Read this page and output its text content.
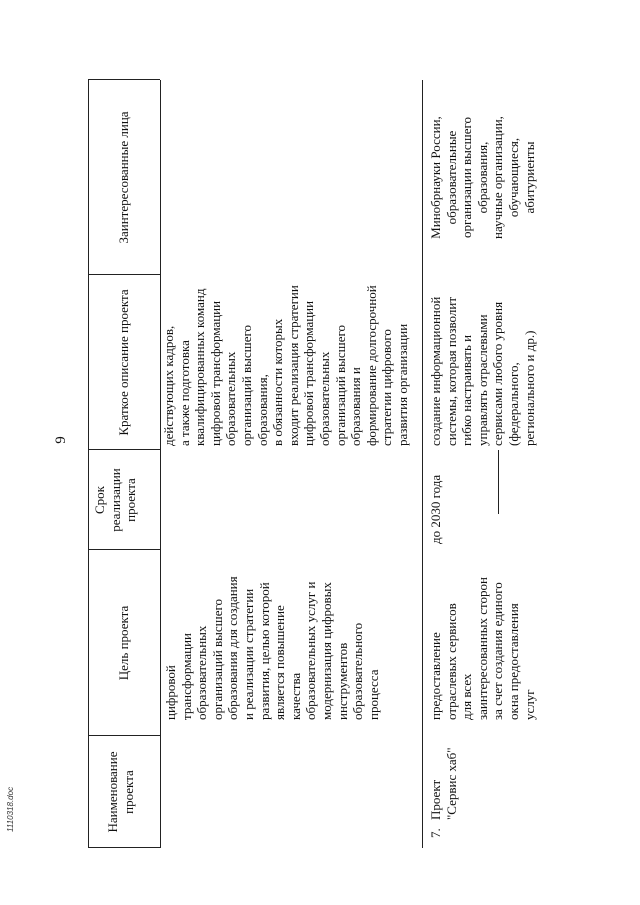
9
Наименование
проекта
Цель проекта
Срок
реализации
проекта
Краткое описание проекта
Заинтересованные лица
цифровой
трансформации
образовательных
организаций высшего
образования для создания
и реализации стратегии
развития, целью которой
является повышение
качества
образовательных услуг и
модернизация цифровых
инструментов
образовательного
процесса
действующих кадров,
а также подготовка
квалифицированных команд
цифровой трансформации
образовательных
организаций высшего
образования,
в обязанности которых
входит реализация стратегии
цифровой трансформации
образовательных
организаций высшего
образования и
формирование долгосрочной
стратегии цифрового
развития организации
7.
Проект
"Сервис хаб"
предоставление
отраслевых сервисов
для всех
заинтересованных сторон
за счет создания единого
окна предоставления
услуг
до 2030 года
создание информационной
системы, которая позволит
гибко настраивать и
управлять отраслевыми
сервисами любого уровня
(федерального,
регионального и др.)
Минобрнауки России,
образовательные
организации высшего
образования,
научные организации,
обучающиеся,
абитуриенты
1110318.doc
